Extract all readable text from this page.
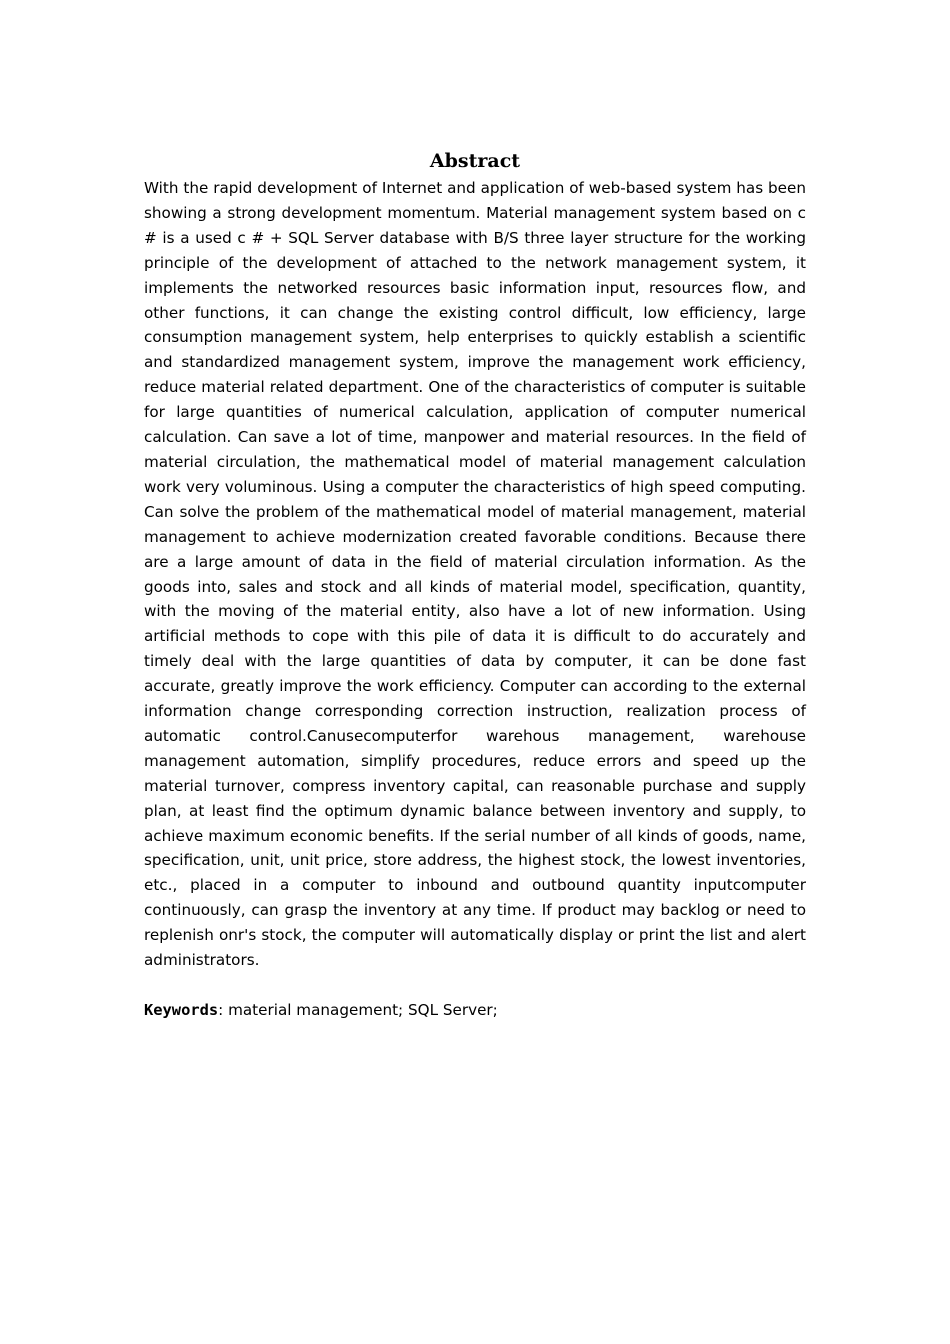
Abstract

With the rapid development of Internet and application of web-based system has been showing a strong development momentum. Material management system based on c # is a used c # + SQL Server database with B/S three layer structure for the working principle of the development of attached to the network management system, it implements the networked resources basic information input, resources flow, and other functions, it can change the existing control difficult, low efficiency, large consumption management system, help enterprises to quickly establish a scientific and standardized management system, improve the management work efficiency, reduce material related department. One of the characteristics of computer is suitable for large quantities of numerical calculation, application of computer numerical calculation. Can save a lot of time, manpower and material resources. In the field of material circulation, the mathematical model of material management calculation work very voluminous. Using a computer the characteristics of high speed computing. Can solve the problem of the mathematical model of material management, material management to achieve modernization created favorable conditions. Because there are a large amount of data in the field of material circulation information. As the goods into, sales and stock and all kinds of material model, specification, quantity, with the moving of the material entity, also have a lot of new information. Using artificial methods to cope with this pile of data it is difficult to do accurately and timely deal with the large quantities of data by computer, it can be done fast accurate, greatly improve the work efficiency. Computer can according to the external information change corresponding correction instruction, realization process of automatic control.Canusecomputerfor warehous management, warehouse management automation, simplify procedures, reduce errors and speed up the material turnover, compress inventory capital, can reasonable purchase and supply plan, at least find the optimum dynamic balance between inventory and supply, to achieve maximum economic benefits. If the serial number of all kinds of goods, name, specification, unit, unit price, store address, the highest stock, the lowest inventories, etc., placed in a computer to inbound and outbound quantity inputcomputer continuously, can grasp the inventory at any time. If product may backlog or need to replenish onr's stock, the computer will automatically display or print the list and alert administrators.

Keywords: material management; SQL Server;
